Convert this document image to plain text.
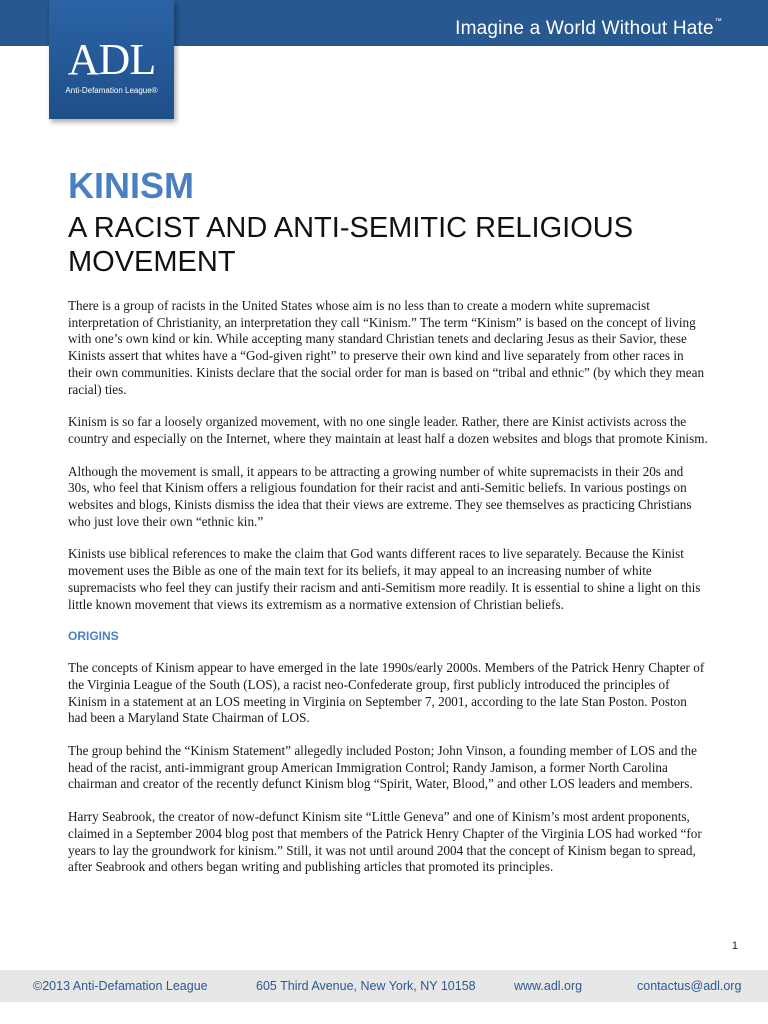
Imagine a World Without Hate™
ADL
Anti-Defamation League®
KINISM
A RACIST AND ANTI-SEMITIC RELIGIOUS MOVEMENT

There is a group of racists in the United States whose aim is no less than to create a modern white supremacist interpretation of Christianity, an interpretation they call “Kinism.” The term “Kinism” is based on the concept of living with one’s own kind or kin. While accepting many standard Christian tenets and declaring Jesus as their Savior, these Kinists assert that whites have a “God-given right” to preserve their own kind and live separately from other races in their own communities. Kinists declare that the social order for man is based on “tribal and ethnic” (by which they mean racial) ties.

Kinism is so far a loosely organized movement, with no one single leader. Rather, there are Kinist activists across the country and especially on the Internet, where they maintain at least half a dozen websites and blogs that promote Kinism.

Although the movement is small, it appears to be attracting a growing number of white supremacists in their 20s and 30s, who feel that Kinism offers a religious foundation for their racist and anti-Semitic beliefs. In various postings on websites and blogs, Kinists dismiss the idea that their views are extreme. They see themselves as practicing Christians who just love their own “ethnic kin.”

Kinists use biblical references to make the claim that God wants different races to live separately. Because the Kinist movement uses the Bible as one of the main text for its beliefs, it may appeal to an increasing number of white supremacists who feel they can justify their racism and anti-Semitism more readily. It is essential to shine a light on this little known movement that views its extremism as a normative extension of Christian beliefs.

ORIGINS

The concepts of Kinism appear to have emerged in the late 1990s/early 2000s. Members of the Patrick Henry Chapter of the Virginia League of the South (LOS), a racist neo-Confederate group, first publicly introduced the principles of Kinism in a statement at an LOS meeting in Virginia on September 7, 2001, according to the late Stan Poston. Poston had been a Maryland State Chairman of LOS.

The group behind the “Kinism Statement” allegedly included Poston; John Vinson, a founding member of LOS and the head of the racist, anti-immigrant group American Immigration Control; Randy Jamison, a former North Carolina chairman and creator of the recently defunct Kinism blog “Spirit, Water, Blood,” and other LOS leaders and members.

Harry Seabrook, the creator of now-defunct Kinism site “Little Geneva” and one of Kinism’s most ardent proponents, claimed in a September 2004 blog post that members of the Patrick Henry Chapter of the Virginia LOS had worked “for years to lay the groundwork for kinism.” Still, it was not until around 2004 that the concept of Kinism began to spread, after Seabrook and others began writing and publishing articles that promoted its principles.

1
©2013 Anti-Defamation League	605 Third Avenue, New York, NY 10158	www.adl.org	contactus@adl.org
